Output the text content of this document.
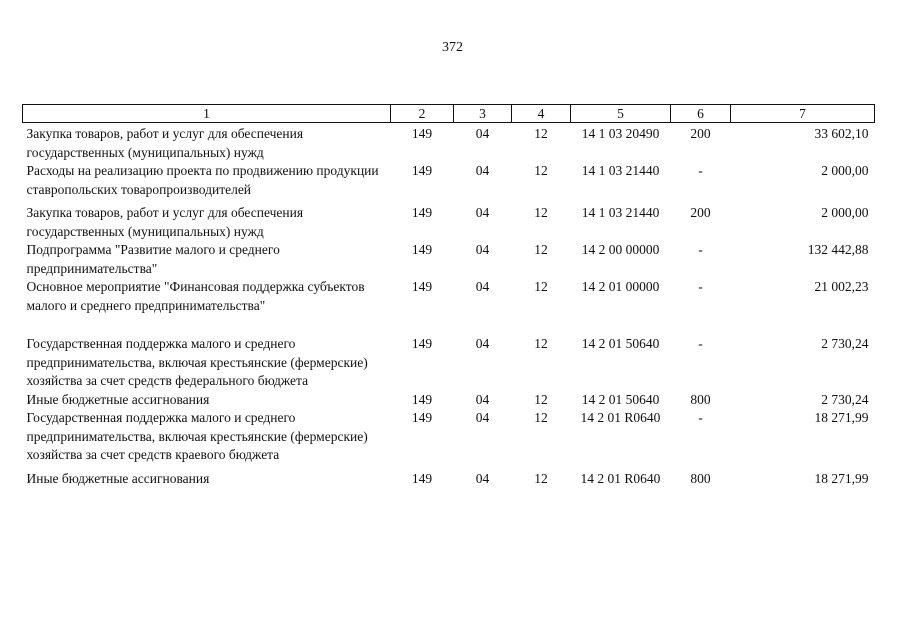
372
1	2	3	4	5	6	7
Закупка товаров, работ и услуг для обеспечения государственных (муниципальных) нужд	149	04	12	14 1 03 20490	200	33 602,10
Расходы на реализацию проекта по продвижению продукции ставропольских товаропроизводителей	149	04	12	14 1 03 21440	-	2 000,00
Закупка товаров, работ и услуг для обеспечения государственных (муниципальных) нужд	149	04	12	14 1 03 21440	200	2 000,00
Подпрограмма "Развитие малого и среднего предпринимательства"	149	04	12	14 2 00 00000	-	132 442,88
Основное мероприятие "Финансовая поддержка субъектов малого и среднего предпринимательства"	149	04	12	14 2 01 00000	-	21 002,23
Государственная поддержка малого и среднего предпринимательства, включая крестьянские (фермерские) хозяйства за счет средств федерального бюджета	149	04	12	14 2 01 50640	-	2 730,24
Иные бюджетные ассигнования	149	04	12	14 2 01 50640	800	2 730,24
Государственная поддержка малого и среднего предпринимательства, включая крестьянские (фермерские) хозяйства за счет средств краевого бюджета	149	04	12	14 2 01 R0640	-	18 271,99
Иные бюджетные ассигнования	149	04	12	14 2 01 R0640	800	18 271,99
